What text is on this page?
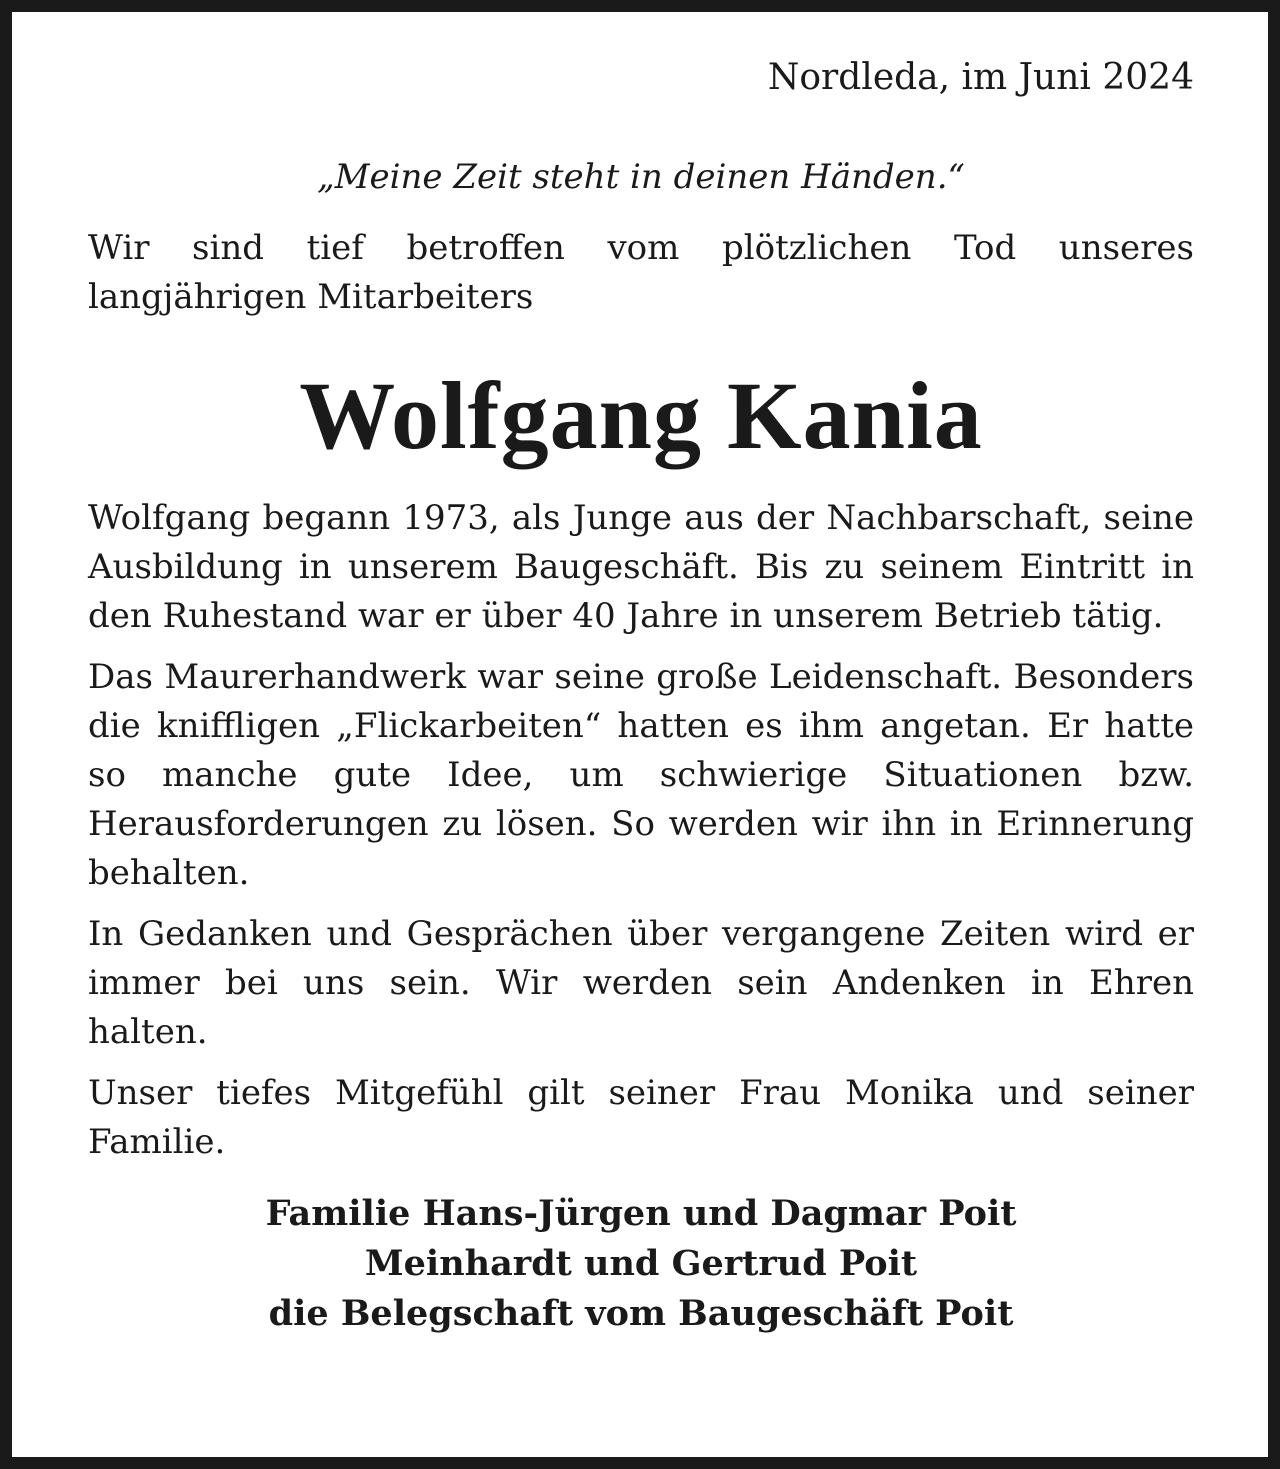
Nordleda, im Juni 2024

„Meine Zeit steht in deinen Händen.“

Wir sind tief betroffen vom plötzlichen Tod unseres langjährigen Mitarbeiters

Wolfgang Kania

Wolfgang begann 1973, als Junge aus der Nachbarschaft, seine Ausbildung in unserem Baugeschäft. Bis zu seinem Eintritt in den Ruhestand war er über 40 Jahre in unserem Betrieb tätig.

Das Maurerhandwerk war seine große Leidenschaft. Besonders die kniffligen „Flickarbeiten“ hatten es ihm angetan. Er hatte so manche gute Idee, um schwierige Situationen bzw. Herausforderungen zu lösen. So werden wir ihn in Erinnerung behalten.

In Gedanken und Gesprächen über vergangene Zeiten wird er immer bei uns sein. Wir werden sein Andenken in Ehren halten.

Unser tiefes Mitgefühl gilt seiner Frau Monika und seiner Familie.

Familie Hans-Jürgen und Dagmar Poit
Meinhardt und Gertrud Poit
die Belegschaft vom Baugeschäft Poit
